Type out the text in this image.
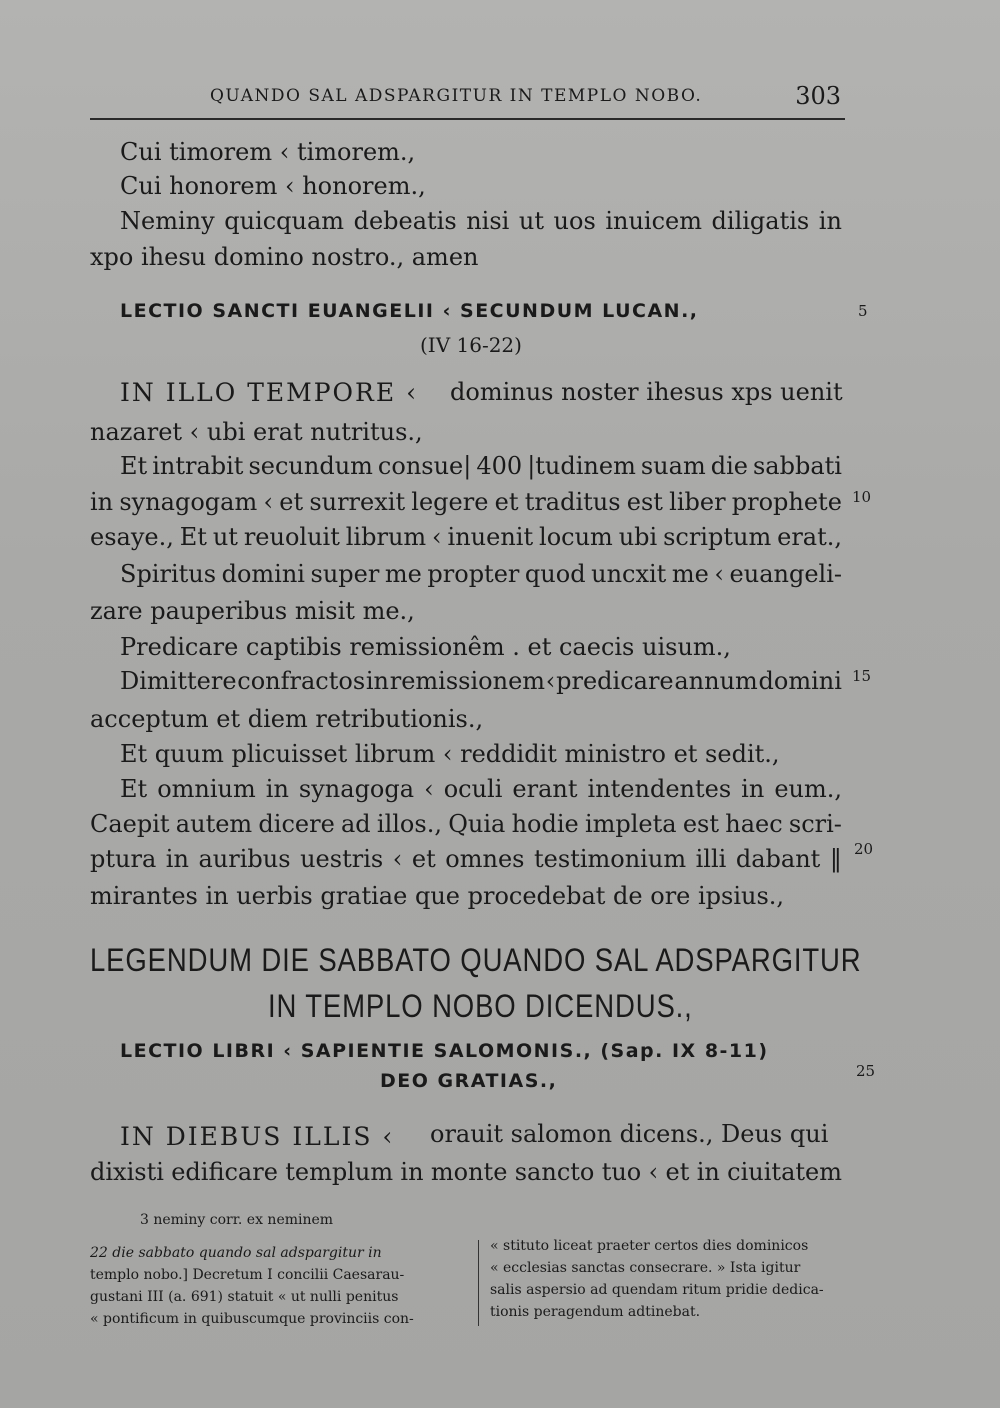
QUANDO SAL ADSPARGITUR IN TEMPLO NOBO.	303
Cui timorem ‹ timorem.,
Cui honorem ‹ honorem.,
Neminy quicquam debeatis nisi ut uos inuicem diligatis in
xpo ihesu domino nostro., amen
LECTIO SANCTI EUANGELII ‹ SECUNDUM LUCAN.,
(IV 16-22)
IN ILLO TEMPORE ‹ dominus noster ihesus xps uenit
nazaret ‹ ubi erat nutritus.,
Et intrabit secundum consue| 400 |tudinem suam die sabbati
in synagogam ‹ et surrexit legere et traditus est liber prophete
esaye., Et ut reuoluit librum ‹ inuenit locum ubi scriptum erat.,
Spiritus domini super me propter quod uncxit me ‹ euangeli-
zare pauperibus misit me.,
Predicare captibis remissionêm . et caecis uisum.,
Dimittere confractos in remissionem ‹ predicare annum domini
acceptum et diem retributionis.,
Et quum plicuisset librum ‹ reddidit ministro et sedit.,
Et omnium in synagoga ‹ oculi erant intendentes in eum.,
Caepit autem dicere ad illos., Quia hodie impleta est haec scri-
ptura in auribus uestris ‹ et omnes testimonium illi dabant ‖
mirantes in uerbis gratiae que procedebat de ore ipsius.,
LEGENDUM DIE SABBATO QUANDO SAL ADSPARGITUR
IN TEMPLO NOBO DICENDUS.,
LECTIO LIBRI ‹ SAPIENTIE SALOMONIS., (Sap. IX 8-11)
DEO GRATIAS.,
IN DIEBUS ILLIS ‹ orauit salomon dicens., Deus qui
dixisti edificare templum in monte sancto tuo ‹ et in ciuitatem
5
10
15
20
25
3 neminy corr. ex neminem
22 die sabbato quando sal adspargitur in
templo nobo.] Decretum I concilii Caesarau-
gustani III (a. 691) statuit « ut nulli penitus
« pontificum in quibuscumque provinciis con-
« stituto liceat praeter certos dies dominicos
« ecclesias sanctas consecrare. » Ista igitur
salis aspersio ad quendam ritum pridie dedica-
tionis peragendum adtinebat.
